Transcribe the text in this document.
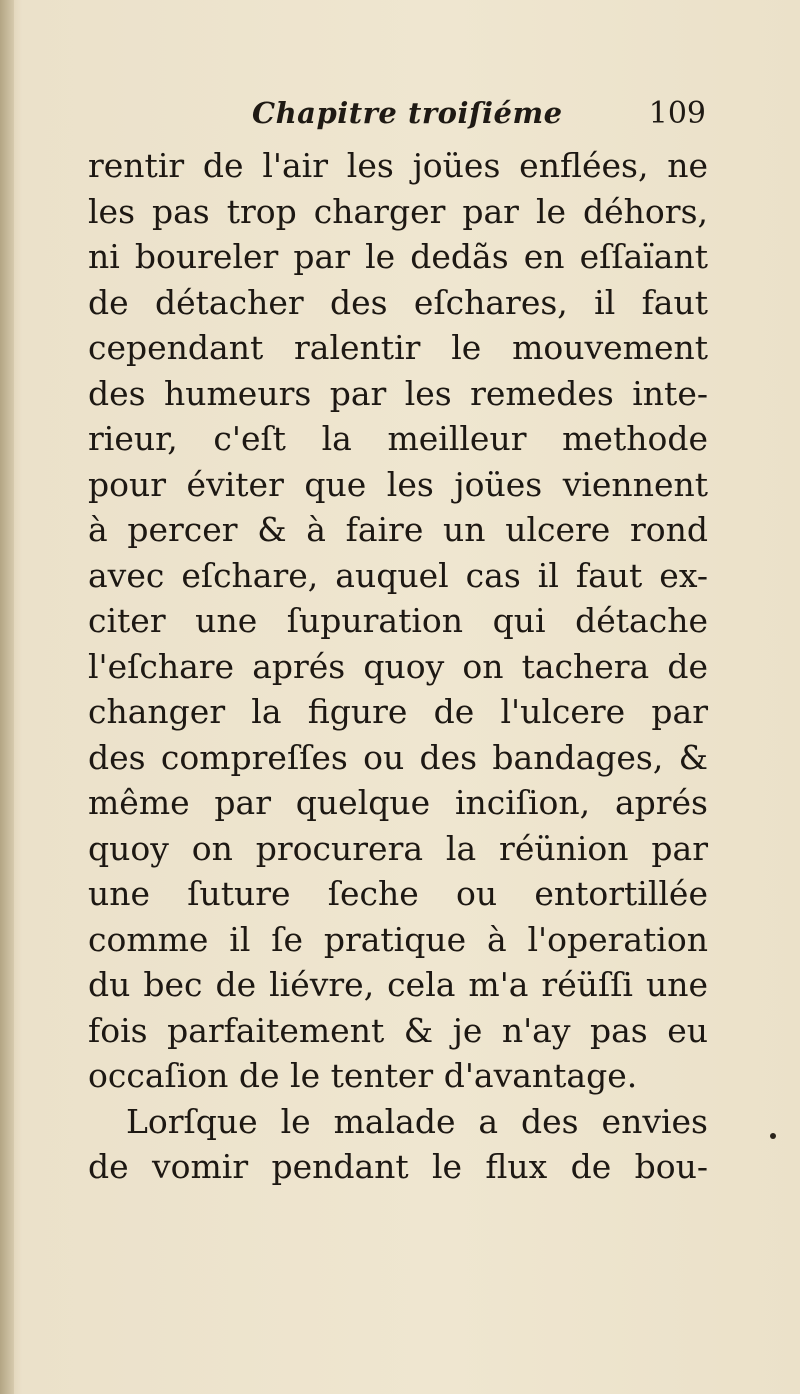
Chapitre troiſiéme	109
rentir de l'air les joües enflées, ne
les pas trop charger par le déhors,
ni boureler par le dedãs en eſſaïant
de détacher des eſchares, il faut
cependant ralentir le mouvement
des humeurs par les remedes inte-
rieur, c'eſt la meilleur methode
pour éviter que les joües viennent
à percer & à faire un ulcere rond
avec eſchare, auquel cas il faut ex-
citer une ſupuration qui détache
l'eſchare aprés quoy on tachera de
changer la figure de l'ulcere par
des compreſſes ou des bandages, &
même par quelque inciſion, aprés
quoy on procurera la réünion par
une ſuture ſeche ou entortillée
comme il ſe pratique à l'operation
du bec de liévre, cela m'a réüſſi une
fois parfaitement & je n'ay pas eu
occaſion de le tenter d'avantage.
Lorſque le malade a des envies
de vomir pendant le flux de bou-
